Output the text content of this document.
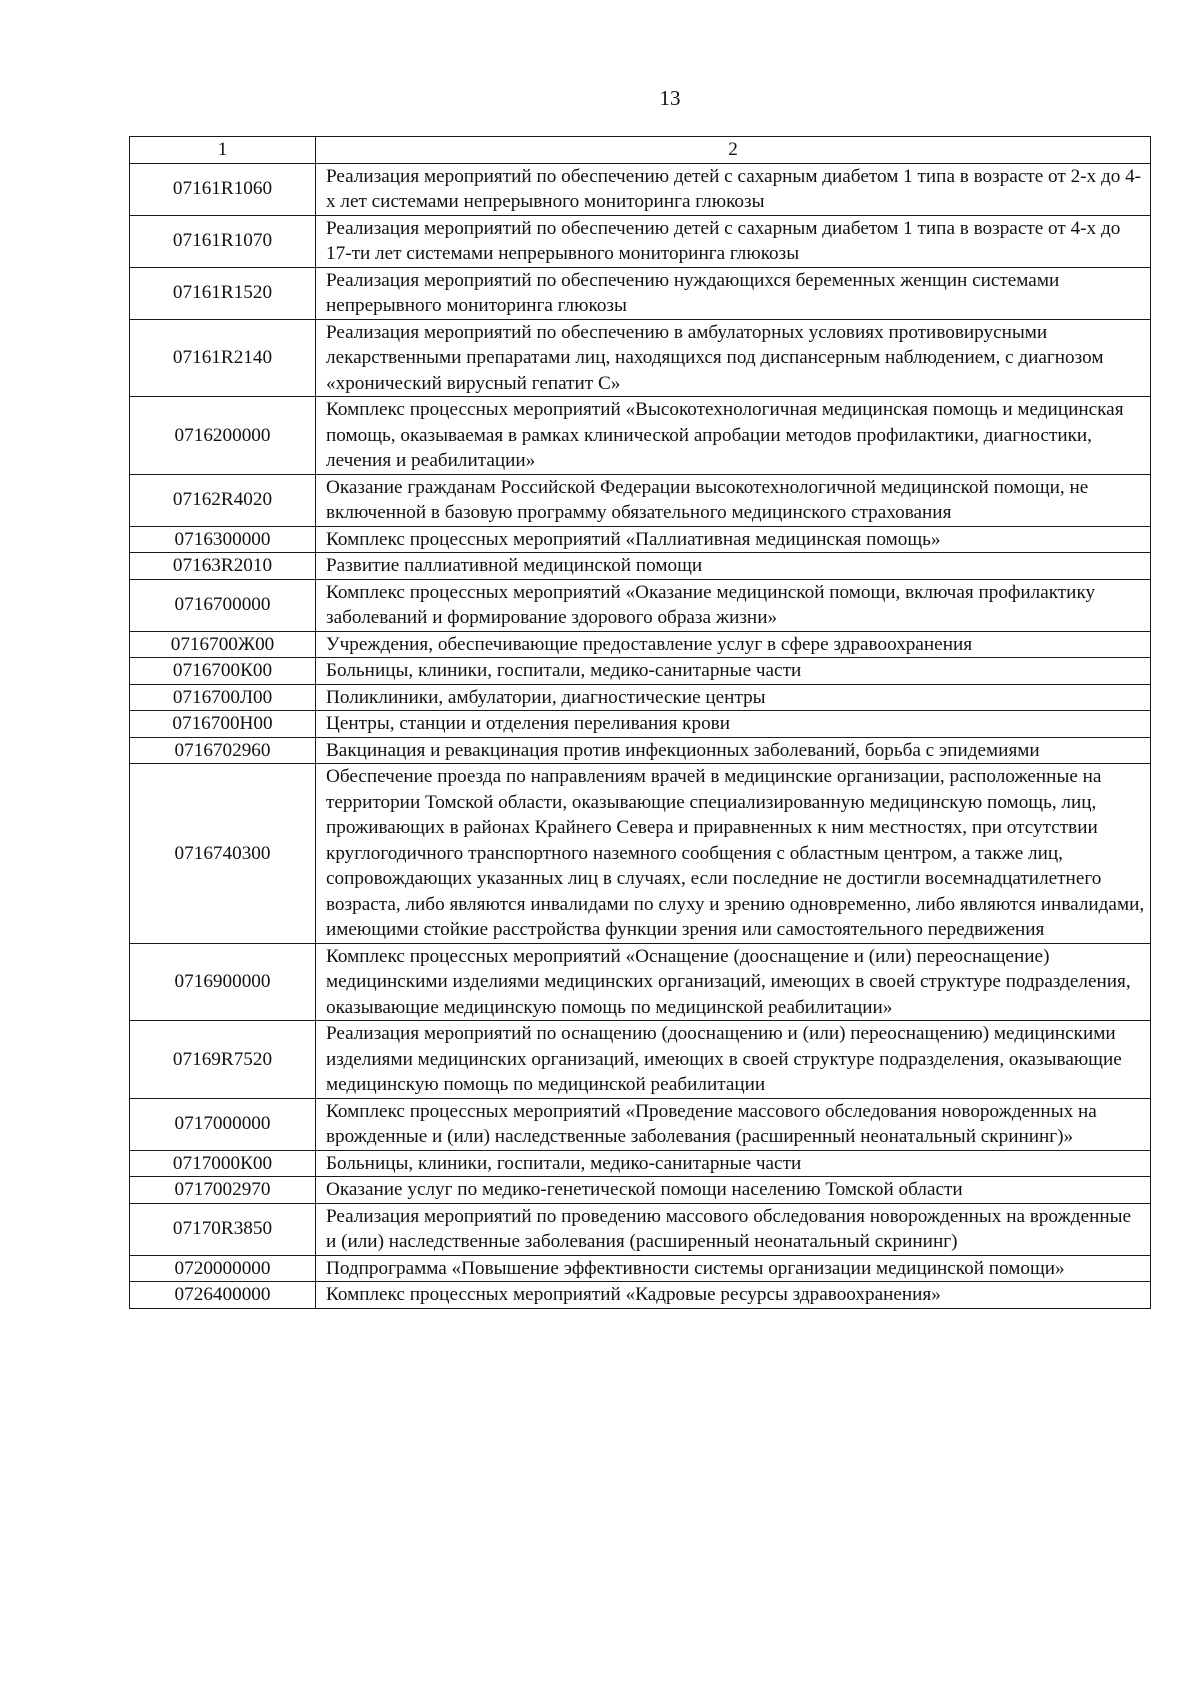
13
1	2
07161R1060	Реализация мероприятий по обеспечению детей с сахарным диабетом 1 типа в возрасте от 2-х до 4-х лет системами непрерывного мониторинга глюкозы
07161R1070	Реализация мероприятий по обеспечению детей с сахарным диабетом 1 типа в возрасте от 4-х до 17-ти лет системами непрерывного мониторинга глюкозы
07161R1520	Реализация мероприятий по обеспечению нуждающихся беременных женщин системами непрерывного мониторинга глюкозы
07161R2140	Реализация мероприятий по обеспечению в амбулаторных условиях противовирусными лекарственными препаратами лиц, находящихся под диспансерным наблюдением, с диагнозом «хронический вирусный гепатит С»
0716200000	Комплекс процессных мероприятий «Высокотехнологичная медицинская помощь и медицинская помощь, оказываемая в рамках клинической апробации методов профилактики, диагностики, лечения и реабилитации»
07162R4020	Оказание гражданам Российской Федерации высокотехнологичной медицинской помощи, не включенной в базовую программу обязательного медицинского страхования
0716300000	Комплекс процессных мероприятий «Паллиативная медицинская помощь»
07163R2010	Развитие паллиативной медицинской помощи
0716700000	Комплекс процессных мероприятий «Оказание медицинской помощи, включая профилактику заболеваний и формирование здорового образа жизни»
0716700Ж00	Учреждения, обеспечивающие предоставление услуг в сфере здравоохранения
0716700К00	Больницы, клиники, госпитали, медико-санитарные части
0716700Л00	Поликлиники, амбулатории, диагностические центры
0716700Н00	Центры, станции и отделения переливания крови
0716702960	Вакцинация и ревакцинация против инфекционных заболеваний, борьба с эпидемиями
0716740300	Обеспечение проезда по направлениям врачей в медицинские организации, расположенные на территории Томской области, оказывающие специализированную медицинскую помощь, лиц, проживающих в районах Крайнего Севера и приравненных к ним местностях, при отсутствии круглогодичного транспортного наземного сообщения с областным центром, а также лиц, сопровождающих указанных лиц в случаях, если последние не достигли восемнадцатилетнего возраста, либо являются инвалидами по слуху и зрению одновременно, либо являются инвалидами, имеющими стойкие расстройства функции зрения или самостоятельного передвижения
0716900000	Комплекс процессных мероприятий «Оснащение (дооснащение и (или) переоснащение) медицинскими изделиями медицинских организаций, имеющих в своей структуре подразделения, оказывающие медицинскую помощь по медицинской реабилитации»
07169R7520	Реализация мероприятий по оснащению (дооснащению и (или) переоснащению) медицинскими изделиями медицинских организаций, имеющих в своей структуре подразделения, оказывающие медицинскую помощь по медицинской реабилитации
0717000000	Комплекс процессных мероприятий «Проведение массового обследования новорожденных на врожденные и (или) наследственные заболевания (расширенный неонатальный скрининг)»
0717000К00	Больницы, клиники, госпитали, медико-санитарные части
0717002970	Оказание услуг по медико-генетической помощи населению Томской области
07170R3850	Реализация мероприятий по проведению массового обследования новорожденных на врожденные и (или) наследственные заболевания (расширенный неонатальный скрининг)
0720000000	Подпрограмма «Повышение эффективности системы организации медицинской помощи»
0726400000	Комплекс процессных мероприятий «Кадровые ресурсы здравоохранения»
